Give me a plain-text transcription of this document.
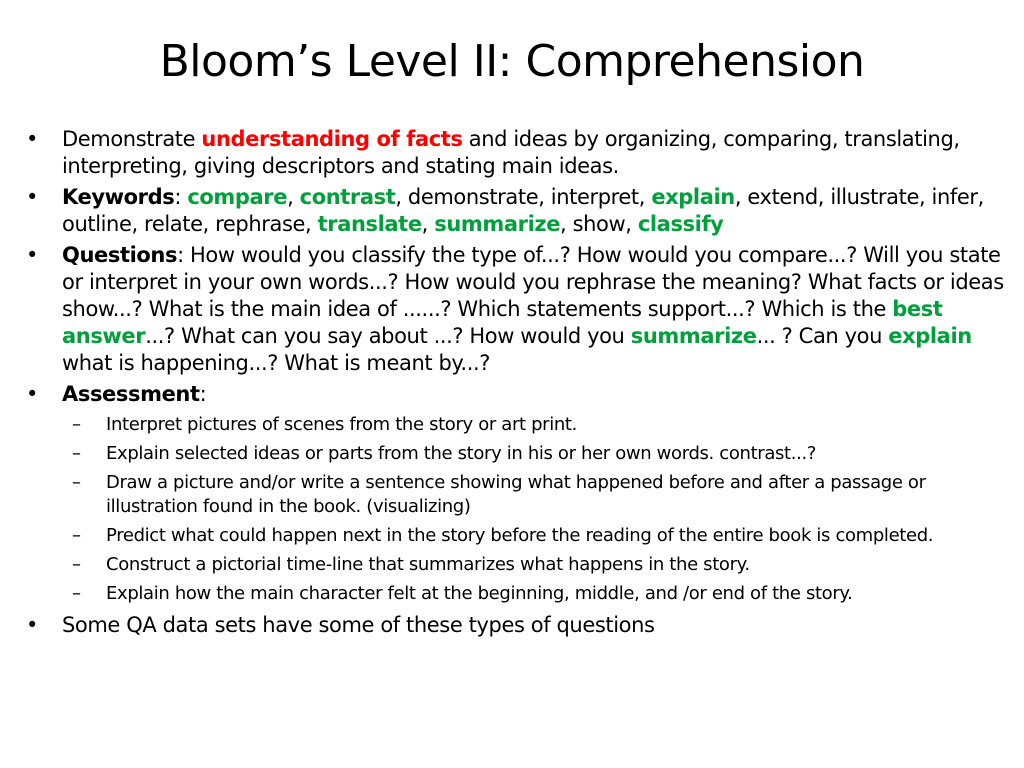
Bloom’s Level II: Comprehension
• Demonstrate understanding of facts and ideas by organizing, comparing, translating, interpreting, giving descriptors and stating main ideas.
• Keywords: compare, contrast, demonstrate, interpret, explain, extend, illustrate, infer, outline, relate, rephrase, translate, summarize, show, classify
• Questions: How would you classify the type of...? How would you compare...? Will you state or interpret in your own words...? How would you rephrase the meaning? What facts or ideas show...? What is the main idea of ......? Which statements support...? Which is the best answer...? What can you say about ...? How would you summarize... ? Can you explain what is happening...? What is meant by...?
• Assessment:
– Interpret pictures of scenes from the story or art print.
– Explain selected ideas or parts from the story in his or her own words. contrast...?
– Draw a picture and/or write a sentence showing what happened before and after a passage or illustration found in the book. (visualizing)
– Predict what could happen next in the story before the reading of the entire book is completed.
– Construct a pictorial time-line that summarizes what happens in the story.
– Explain how the main character felt at the beginning, middle, and /or end of the story.
• Some QA data sets have some of these types of questions
